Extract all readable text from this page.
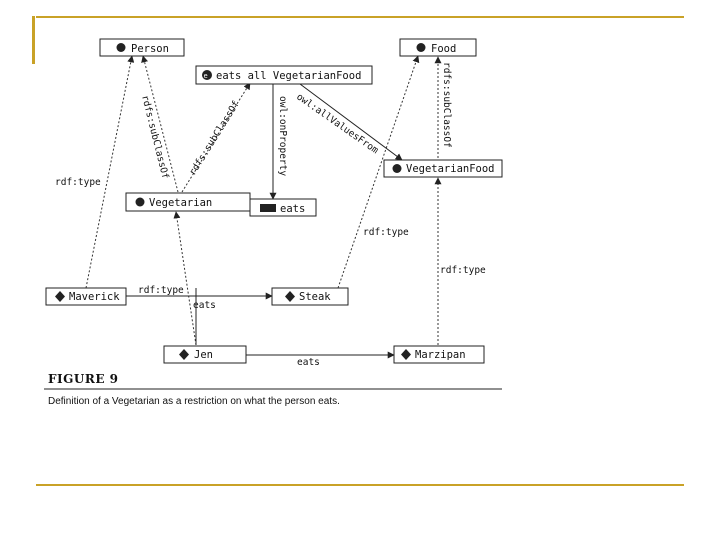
rdfs:subClassOf rdfs:subClassOf	owl:onProperty owl:allValuesFrom	rdfs:subClassOf
rdf:type
rdf:type
eats
rdf:type
rdf:type
eats
Person	Food
e eats all VegetarianFood
eats
Vegetarian
VegetarianFood
Maverick	Steak
Jen	Marzipan
FIGURE 9
Definition of a Vegetarian as a restriction on what the person eats.
